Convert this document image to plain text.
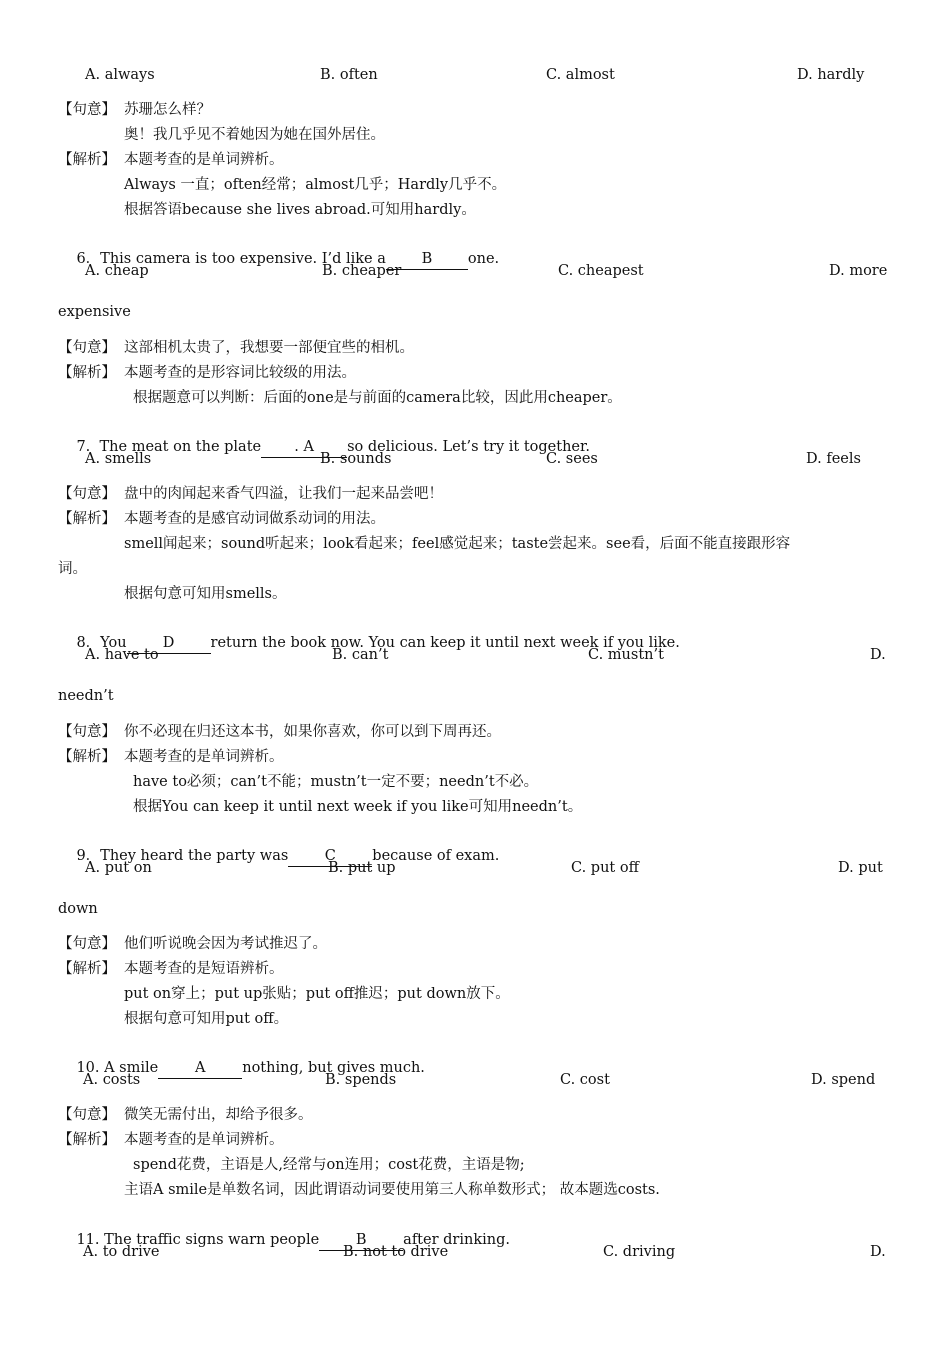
A. always

	B. often

	C. almost

	D. hardly

【句意】

苏珊怎么样？

奥！我几乎见不着她因为她在国外居住。

【解析】

本题考查的是单词辨析。

Always 一直；often经常；almost几乎；Hardly几乎不。

根据答语because she lives abroad.可知用hardly。

6．This camera is too expensive. I’d like a B one.

A. cheap

	B. cheaper

	C. cheapest

	D. more

expensive

【句意】

这部相机太贵了，我想要一部便宜些的相机。

【解析】

本题考查的是形容词比较级的用法。

根据题意可以判断：后面的one是与前面的camera比较，因此用cheaper。

7.  The meat on the plate . A so delicious. Let’s try it together.

A. smells

	B. sounds

	C. sees

	D. feels

【句意】

盘中的肉闻起来香气四溢，让我们一起来品尝吧！

【解析】

本题考查的是感官动词做系动词的用法。

smell闻起来；sound听起来；look看起来；feel感觉起来；taste尝起来。see看，后面不能直接跟形容

词。

根据句意可知用smells。

8．You D return the book now. You can keep it until next week if you like.

A. have to

	B. can’t

	C. mustn’t

	D.

needn’t

【句意】

你不必现在归还这本书，如果你喜欢，你可以到下周再还。

【解析】

本题考查的是单词辨析。

have to必须；can’t不能；mustn’t一定不要；needn’t不必。

根据You can keep it until next week if you like可知用needn’t。

9．They heard the party was	C	because of exam.

A. put on

	B. put up

	C. put off

	D. put

down

【句意】

他们听说晚会因为考试推迟了。

【解析】

本题考查的是短语辨析。

put on穿上；put up张贴；put off推迟；put down放下。

根据句意可知用put off。

10. A smile	A	nothing, but gives much.

A. costs

	B. spends

	C. cost

	D. spend

【句意】

微笑无需付出，却给予很多。

【解析】

本题考查的是单词辨析。

spend花费，主语是人,经常与on连用；cost花费，主语是物;

主语A smile是单数名词，因此谓语动词要使用第三人称单数形式； 故本题选costs.

11. The traffic signs warn people	B	after drinking.

A. to drive

	B. not to drive

	C. driving

	D.
